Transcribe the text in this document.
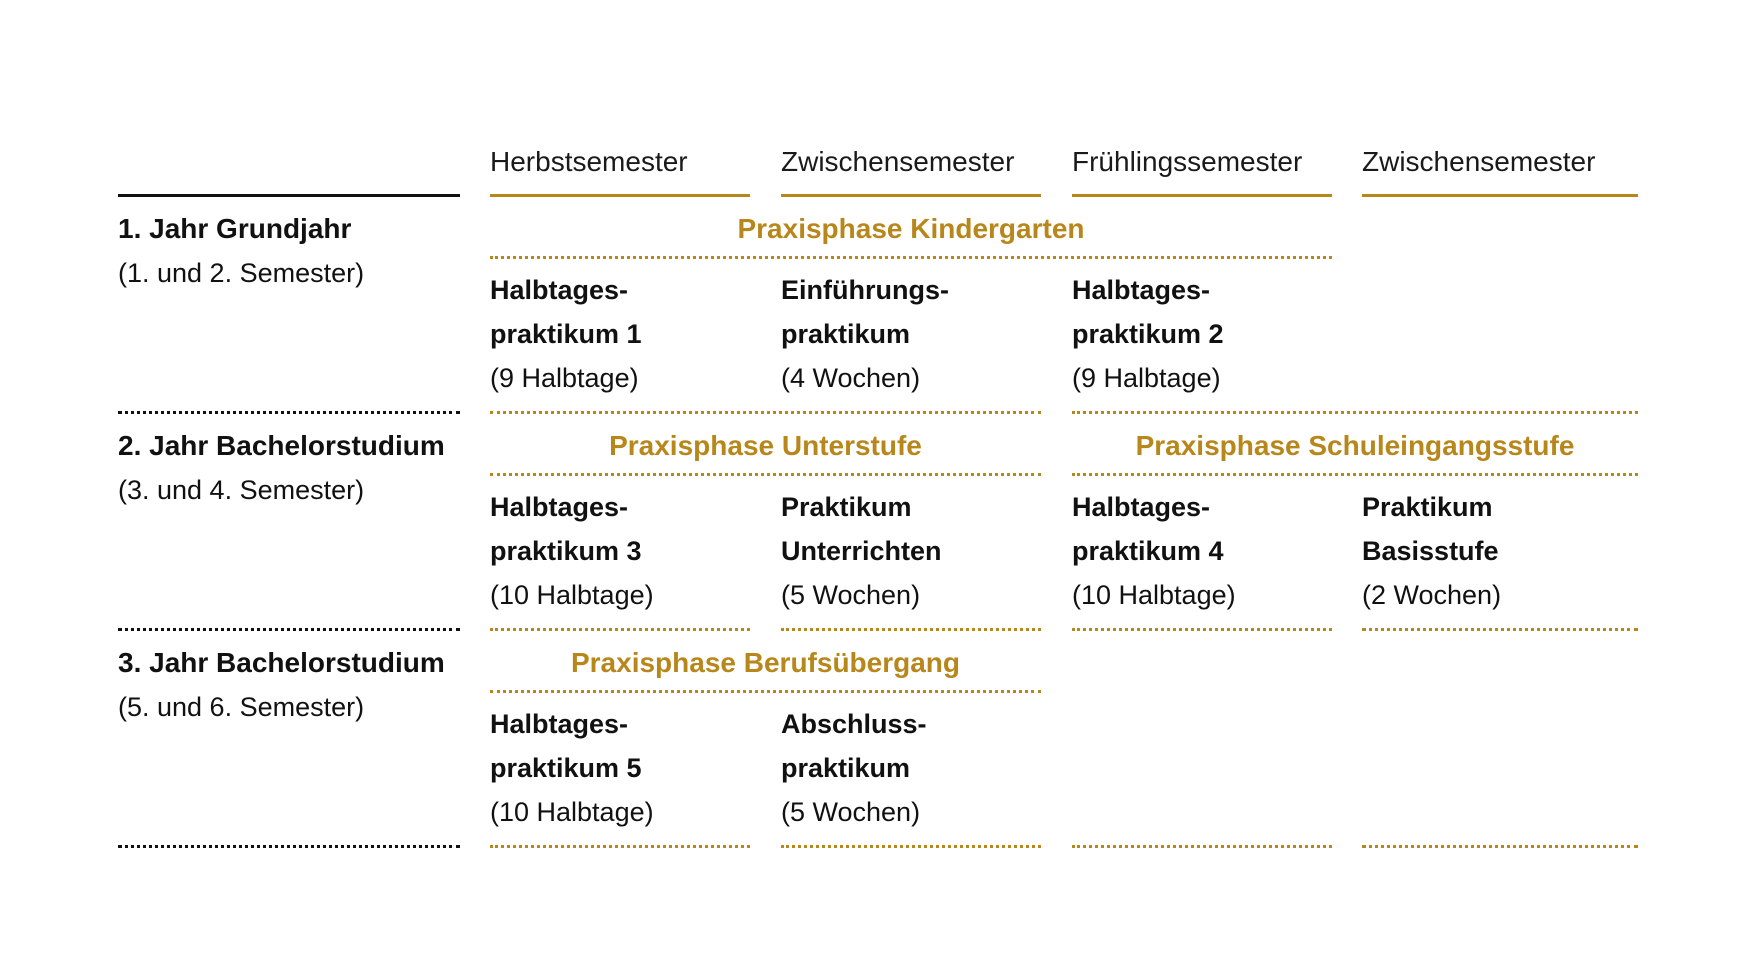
Herbstsemester	Zwischensemester Frühlingssemester Zwischensemester
1. Jahr Grundjahr
(1. und 2. Semester)
2. Jahr Bachelorstudium
(3. und 4. Semester)
3. Jahr Bachelorstudium
(5. und 6. Semester)
Praxisphase Kindergarten
Praxisphase Unterstufe	Praxisphase Schuleingangsstufe
Praxisphase Berufsübergang
Halbtages-
praktikum 1
(9 Halbtage)
Einführungs-
praktikum
(4 Wochen)
Halbtages-
praktikum 2
(9 Halbtage)
Halbtages-
praktikum 3
(10 Halbtage)
Praktikum
Unterrichten
(5 Wochen)
Halbtages-
praktikum 4
(10 Halbtage)
Praktikum
Basisstufe
(2 Wochen)
Halbtages-
praktikum 5
(10 Halbtage)
Abschluss-
praktikum
(5 Wochen)
